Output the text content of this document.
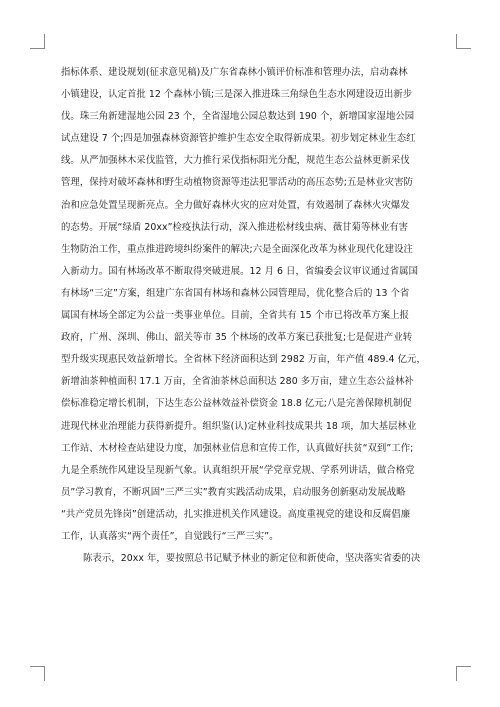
指标体系、建设规划(征求意见稿)及广东省森林小镇评价标准和管理办法，启动森林
小镇建设，认定首批 12 个森林小镇;三是深入推进珠三角绿色生态水网建设迈出新步
伐。珠三角新建湿地公园 23 个，全省湿地公园总数达到 190 个，新增国家湿地公园
试点建设 7 个;四是加强森林资源管护维护生态安全取得新成果。初步划定林业生态红
线。从严加强林木采伐监管，大力推行采伐指标阳光分配，规范生态公益林更新采伐
管理，保持对破坏森林和野生动植物资源等违法犯罪活动的高压态势;五是林业灾害防
治和应急处置呈现新亮点。全力做好森林火灾的应对处置，有效遏制了森林火灾爆发
的态势。开展“绿盾 20xx”检疫执法行动，深入推进松材线虫病、薇甘菊等林业有害
生物防治工作，重点推进跨境纠纷案件的解决;六是全面深化改革为林业现代化建设注
入新动力。国有林场改革不断取得突破进展。12 月 6 日，省编委会议审议通过省属国
有林场“三定”方案，组建广东省国有林场和森林公园管理局，优化整合后的 13 个省
属国有林场全部定为公益一类事业单位。目前，全省共有 15 个市已将改革方案上报
政府，广州、深圳、佛山、韶关等市 35 个林场的改革方案已获批复;七是促进产业转
型升级实现惠民效益新增长。全省林下经济面积达到 2982 万亩，年产值 489.4 亿元，
新增油茶种植面积 17.1 万亩，全省油茶林总面积达 280 多万亩，建立生态公益林补
偿标准稳定增长机制，下达生态公益林效益补偿资金 18.8 亿元;八是完善保障机制促
进现代林业治理能力获得新提升。组织鉴(认)定林业科技成果共 18 项，加大基层林业
工作站、木材检查站建设力度，加强林业信息和宣传工作，认真做好扶贫“双到”工作;
九是全系统作风建设呈现新气象。认真组织开展“学党章党规、学系列讲话，做合格党
员”学习教育，不断巩固“三严三实”教育实践活动成果，启动服务创新驱动发展战略
“共产党员先锋岗”创建活动，扎实推进机关作风建设。高度重视党的建设和反腐倡廉
工作，认真落实“两个责任”，自觉践行“三严三实”。
陈表示，20xx 年，要按照总书记赋予林业的新定位和新使命，坚决落实省委的决
